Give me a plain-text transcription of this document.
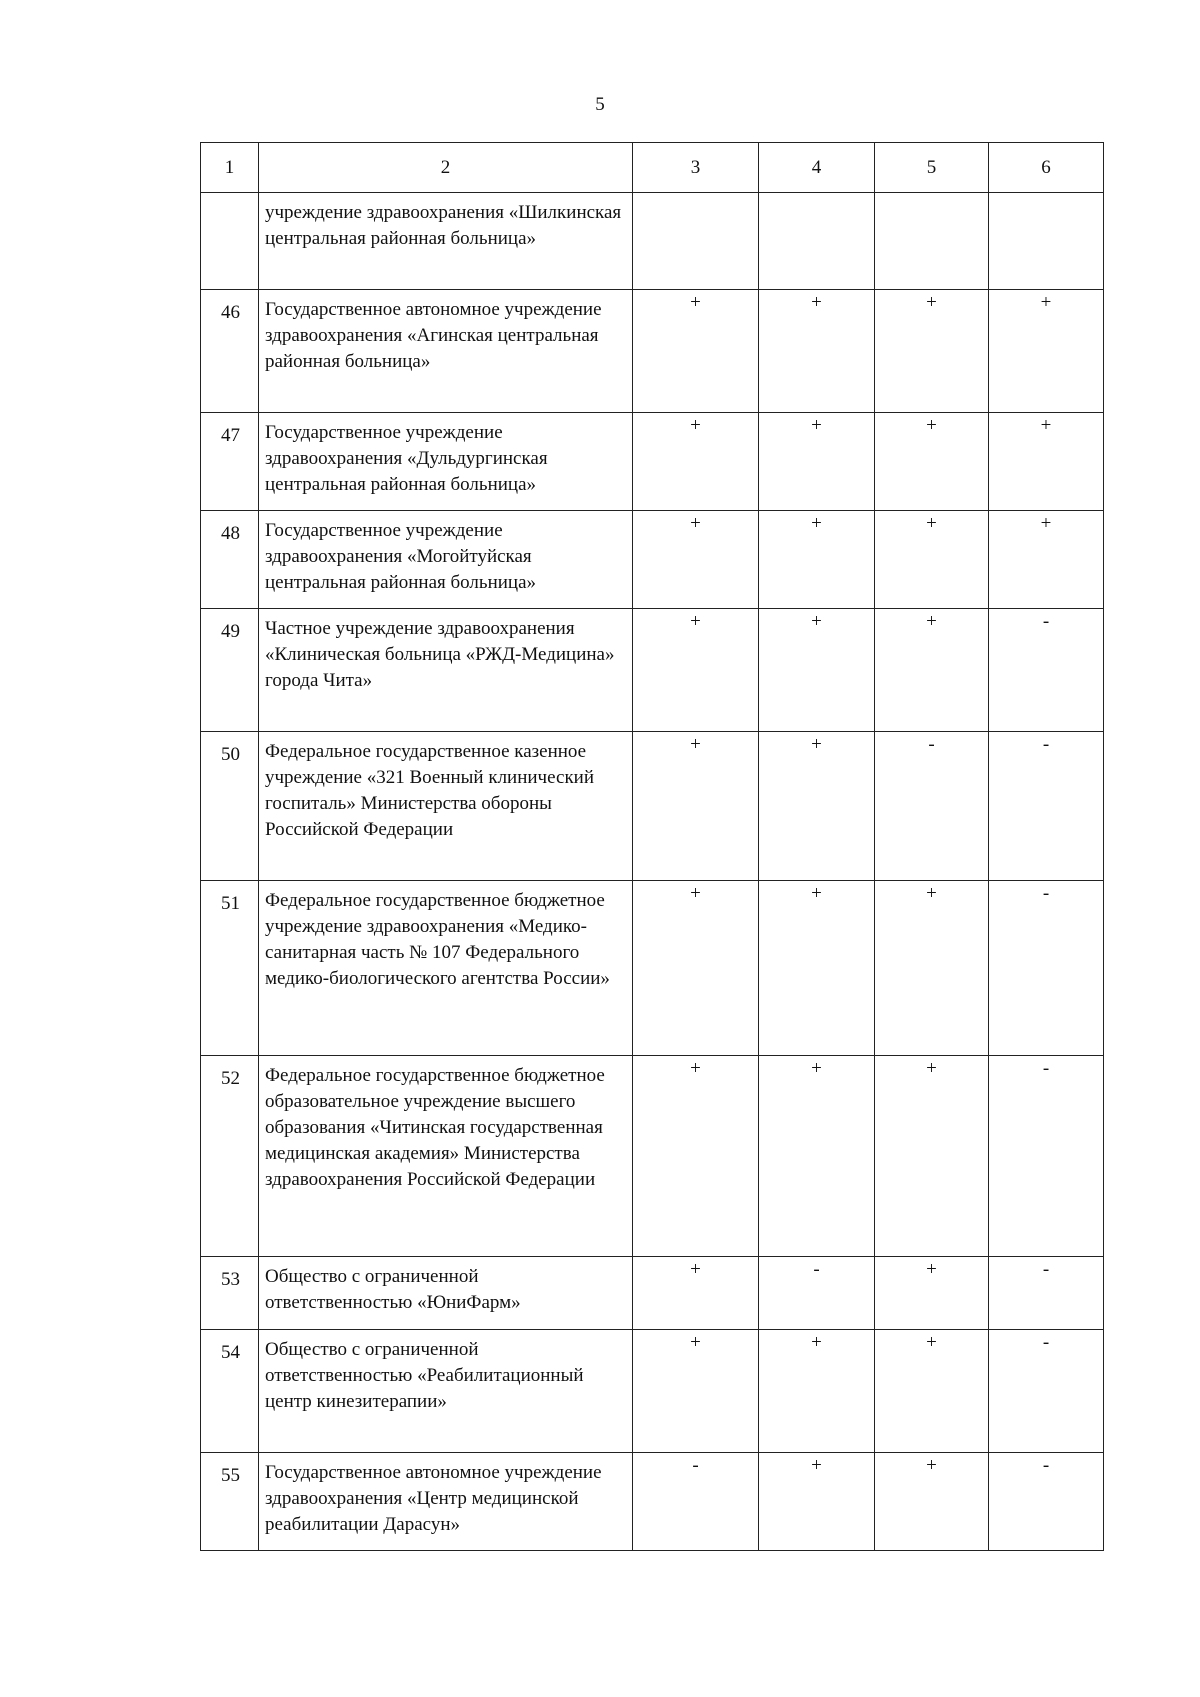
5
1	2	3	4	5	6
	учреждение здравоохранения «Шилкинская центральная районная больница»				
46	Государственное автономное учреждение здравоохранения «Агинская центральная районная больница»	+	+	+	+
47	Государственное учреждение здравоохранения «Дульдургинская центральная районная больница»	+	+	+	+
48	Государственное учреждение здравоохранения «Могойтуйская центральная районная больница»	+	+	+	+
49	Частное учреждение здравоохранения «Клиническая больница «РЖД-Медицина» города Чита»	+	+	+	-
50	Федеральное государственное казенное учреждение «321 Военный клинический госпиталь» Министерства обороны Российской Федерации	+	+	-	-
51	Федеральное государственное бюджетное учреждение здравоохранения «Медико-санитарная часть № 107 Федерального медико-биологического агентства России»	+	+	+	-
52	Федеральное государственное бюджетное образовательное учреждение высшего образования «Читинская государственная медицинская академия» Министерства здравоохранения Российской Федерации	+	+	+	-
53	Общество с ограниченной ответственностью «ЮниФарм»	+	-	+	-
54	Общество с ограниченной ответственностью «Реабилитационный центр кинезитерапии»	+	+	+	-
55	Государственное автономное учреждение здравоохранения «Центр медицинской реабилитации Дарасун»	-	+	+	-
